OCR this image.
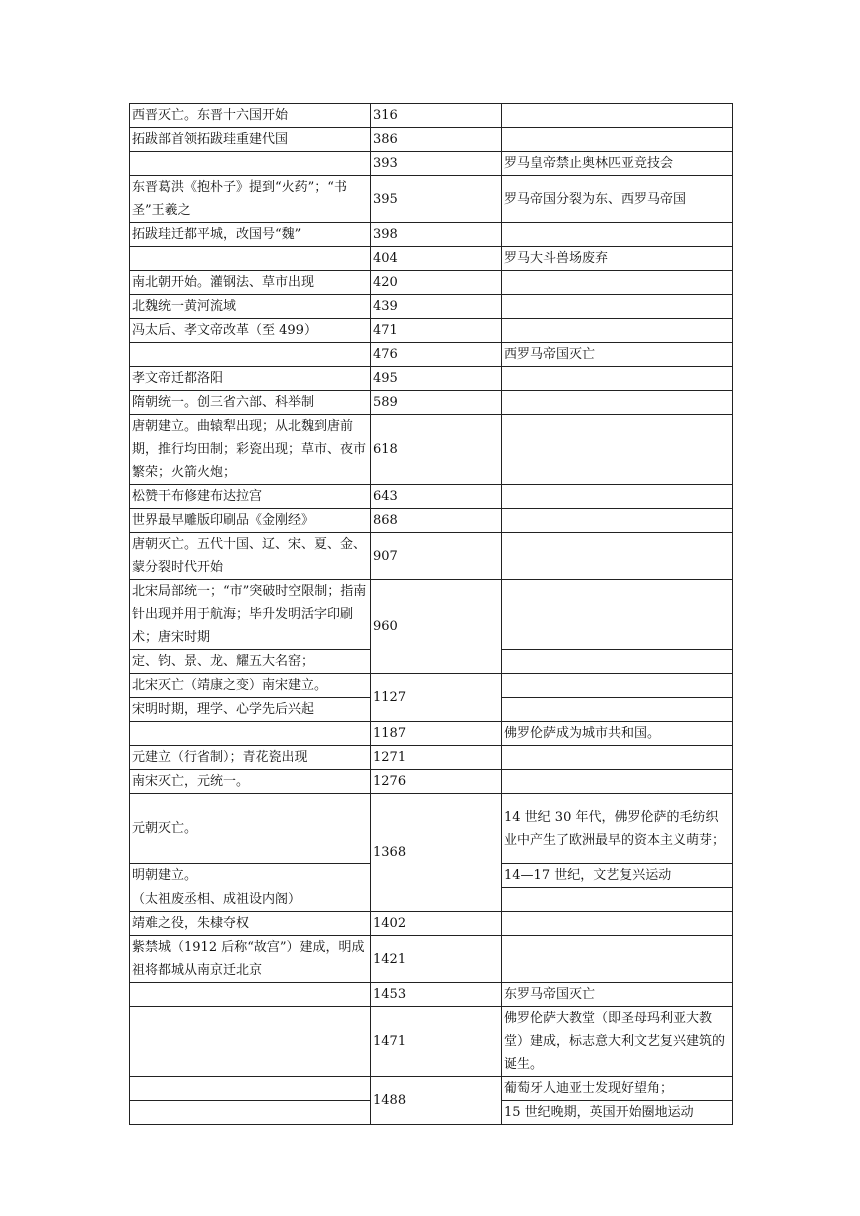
西晋灭亡。东晋十六国开始	316	
拓跋部首领拓跋珪重建代国	386	
	393	罗马皇帝禁止奥林匹亚竞技会
东晋葛洪《抱朴子》提到“火药”；“书圣”王羲之	395	罗马帝国分裂为东、西罗马帝国
拓跋珪迁都平城，改国号“魏”	398	
	404	罗马大斗兽场废弃
南北朝开始。灌钢法、草市出现	420	
北魏统一黄河流域	439	
冯太后、孝文帝改革（至 499）	471	
	476	西罗马帝国灭亡
孝文帝迁都洛阳	495	
隋朝统一。创三省六部、科举制	589	
唐朝建立。曲辕犁出现；从北魏到唐前期，推行均田制；彩瓷出现；草市、夜市繁荣；火箭火炮；	618	
松赞干布修建布达拉宫	643	
世界最早雕版印刷品《金刚经》	868	
唐朝灭亡。五代十国、辽、宋、夏、金、蒙分裂时代开始	907	
北宋局部统一；“市”突破时空限制；指南针出现并用于航海；毕升发明活字印刷术；唐宋时期	960	
定、钧、景、龙、耀五大名窑；		
北宋灭亡（靖康之变）南宋建立。	1127	
宋明时期，理学、心学先后兴起		
	1187	佛罗伦萨成为城市共和国。
元建立（行省制）；青花瓷出现	1271	
南宋灭亡，元统一。	1276	
元朝灭亡。	1368	14 世纪 30 年代，佛罗伦萨的毛纺织业中产生了欧洲最早的资本主义萌芽；
明朝建立。		14—17 世纪，文艺复兴运动
（太祖废丞相、成祖设内阁）		
靖难之役，朱棣夺权	1402	
紫禁城（1912 后称“故宫”）建成，明成祖将都城从南京迁北京	1421	
	1453	东罗马帝国灭亡
	1471	佛罗伦萨大教堂（即圣母玛利亚大教堂）建成，标志意大利文艺复兴建筑的诞生。
	1488	葡萄牙人迪亚士发现好望角；
		15 世纪晚期，英国开始圈地运动
